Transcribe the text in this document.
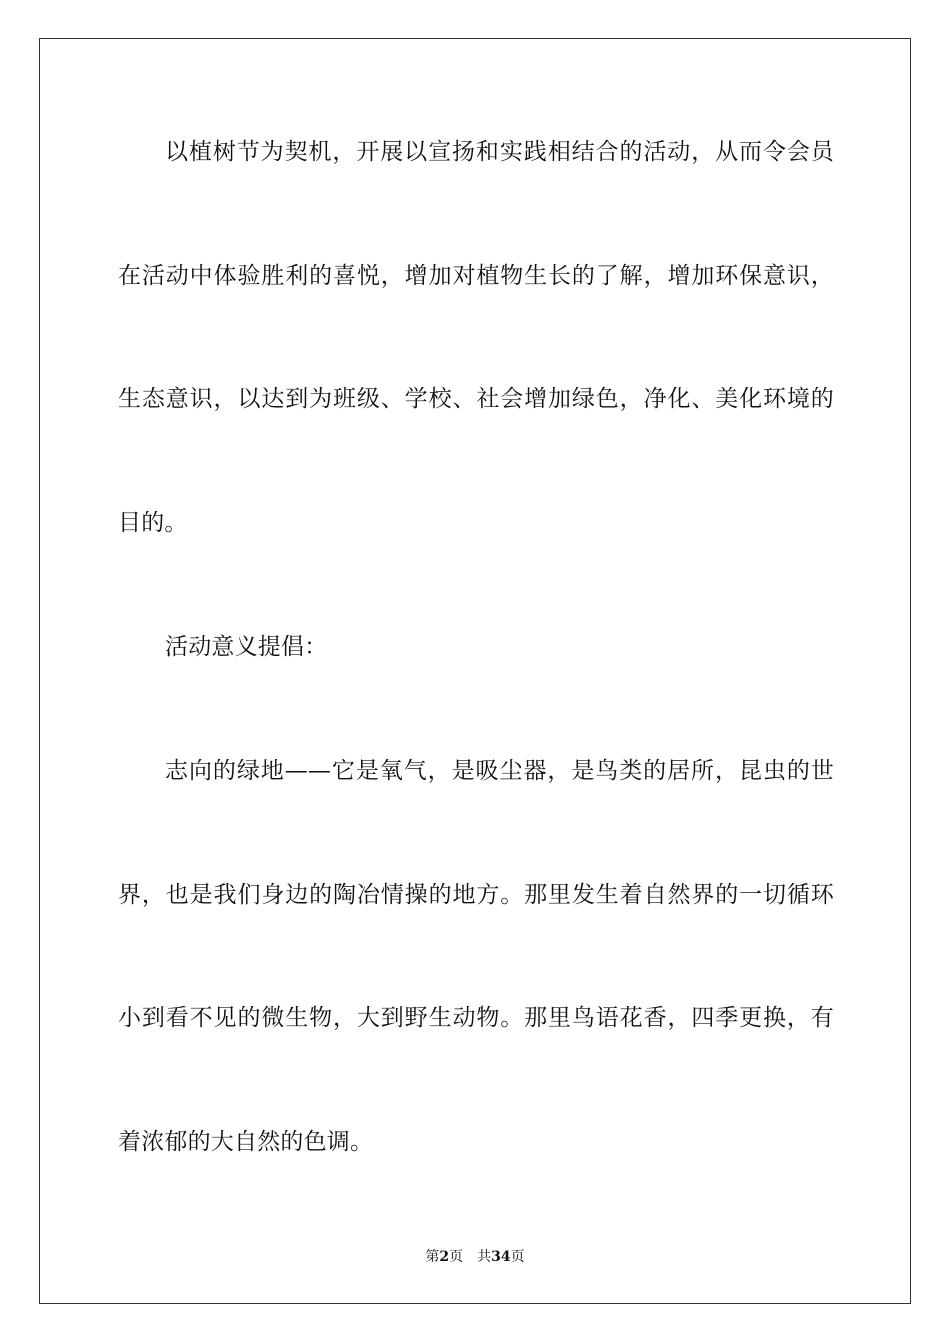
以植树节为契机，开展以宣扬和实践相结合的活动，从而令会员
在活动中体验胜利的喜悦，增加对植物生长的了解，增加环保意识，
生态意识，以达到为班级、学校、社会增加绿色，净化、美化环境的
目的。
活动意义提倡：
志向的绿地——它是氧气，是吸尘器，是鸟类的居所，昆虫的世
界，也是我们身边的陶冶情操的地方。那里发生着自然界的一切循环
小到看不见的微生物，大到野生动物。那里鸟语花香，四季更换，有
着浓郁的大自然的色调。
第2页 共34页
